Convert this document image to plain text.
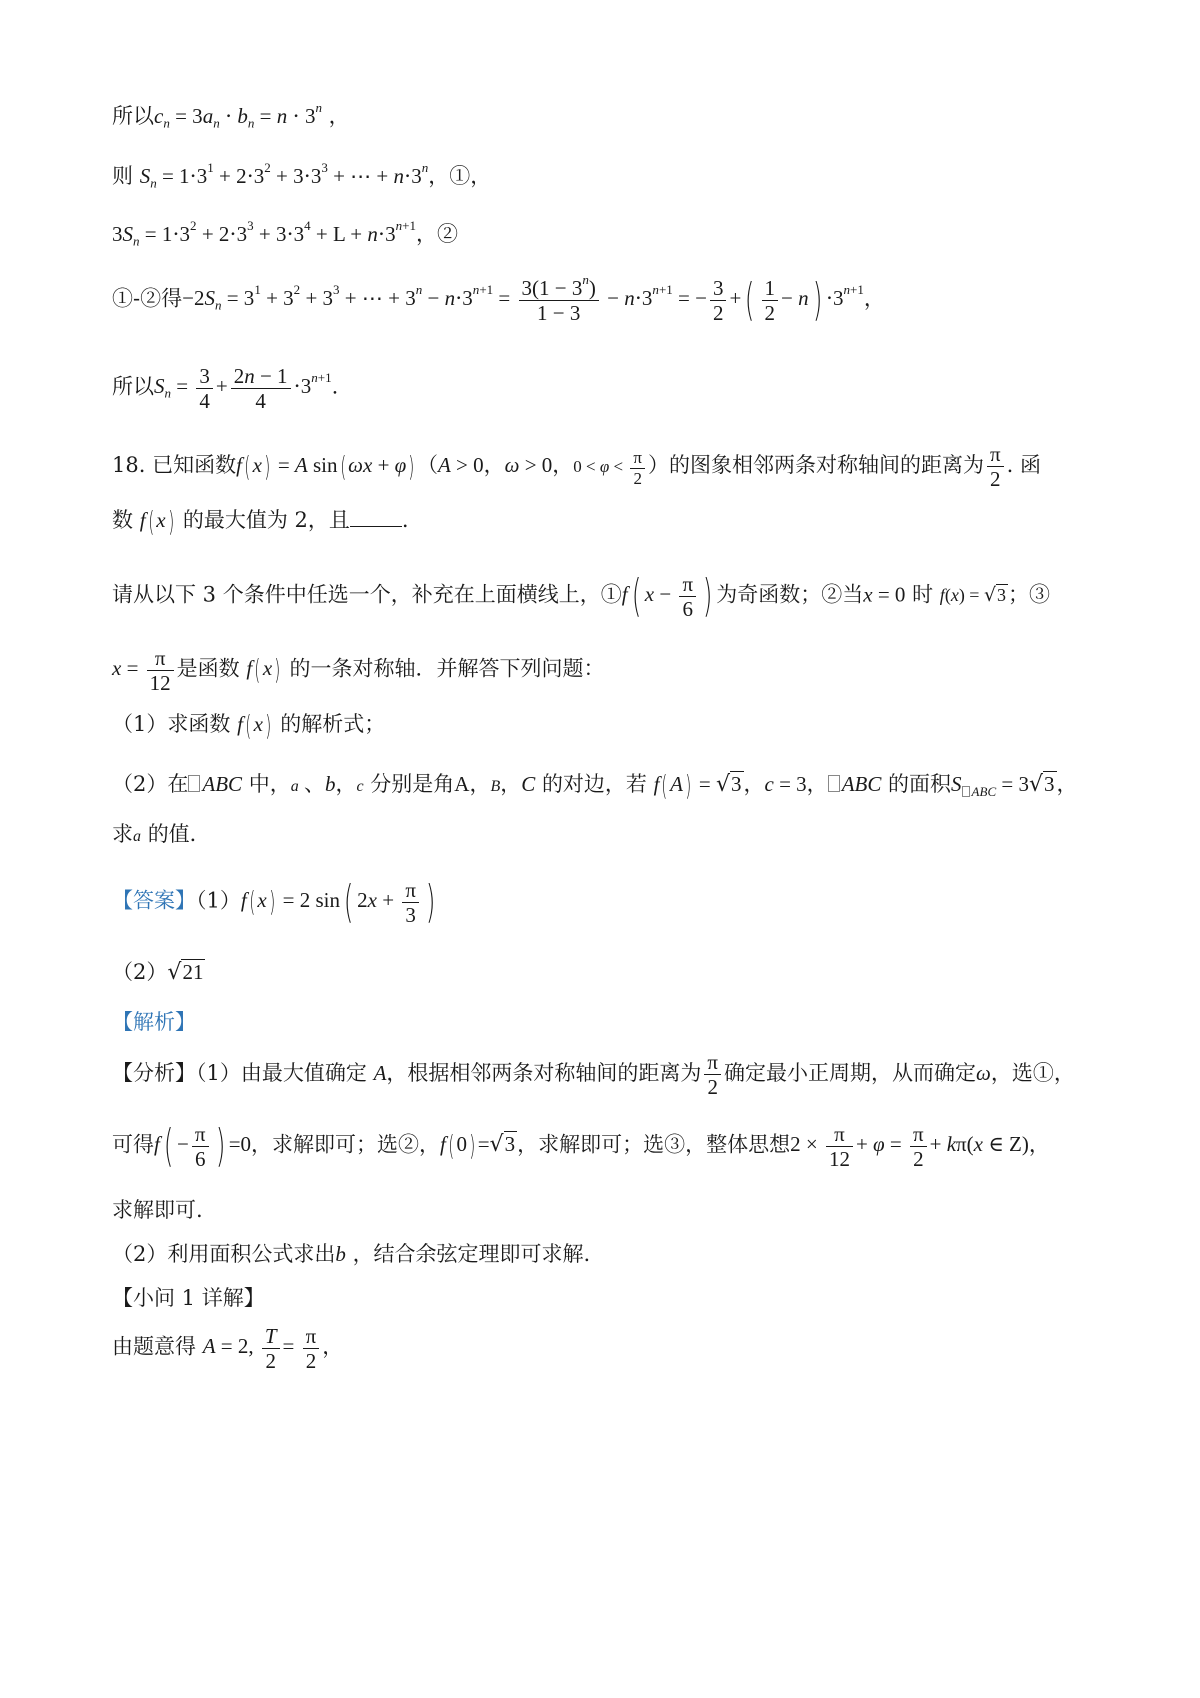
所以$c_n = 3a_n \cdot b_n = n \cdot 3^n$ ，
则 $S_n = 1\cdot 3^1 + 2\cdot 3^2 + 3\cdot 3^3$ + ⋯ + $n\cdot 3^n$，①，
$3S_n = 1\cdot 3^2 + 2\cdot 3^3 + 3\cdot 3^4 + L + n\cdot 3^{n+1}$，②
①-②得$-2S_n = 3^1 + 3^2 + 3^3$ + ⋯ + $3^n - n\cdot 3^{n+1} = \frac{3(1 - 3^n)}{1 - 3} - n\cdot 3^{n+1}$ = − $\frac{3}{2}$ +( $\frac{1}{2} - n) \cdot 3^{n+1}$，
所以$S_n = \frac{3}{4} + \frac{2n - 1}{4} \cdot 3^{n+1}$.
18. 已知函数f( x) = A sin( ωx + φ) （A > 0，ω > 0，$0 < \varphi < \frac{\pi}{2}$ ）的图象相邻两条对称轴间的距离为 $\frac{\pi}{2}$ . 函
数 f( x) 的最大值为 2，且 .
请从以下 3 个条件中任选一个，补充在上面横线上，①f( $x - \frac{\pi}{6}$ ) 为奇函数；②当x = 0 时 f(x) = √3；③
$x = \frac{\pi}{12}$ 是函数 f( x) 的一条对称轴．并解答下列问题：
（1）求函数 f( x) 的解析式；
（2）在 ABC 中，a 、b，c 分别是角A，B，C 的对边，若 f( A) = √3，c = 3， ABC 的面积S $_{ABC}$ = 3√3，
求a 的值．
【答案】（1）f( x) = 2 sin( $2x + \frac{\pi}{3}$ )
（2）√21
【解析】
【分析】（1）由最大值确定 A，根据相邻两条对称轴间的距离为 $\frac{\pi}{2}$ 确定最小正周期，从而确定ω，选①，
可得$f( - \frac{\pi}{6}$ ) =0，求解即可；选②，f( 0) =√3，求解即可；选③，整体思想$2 \times \frac{\pi}{12} + \varphi = \frac{\pi}{2} + k\pi(x$ ∈ Z)，
求解即可.
（2）利用面积公式求出b ，结合余弦定理即可求解.
【小问 1 详解】
由题意得 A = 2, $\frac{T}{2} = \frac{\pi}{2}$ ，
